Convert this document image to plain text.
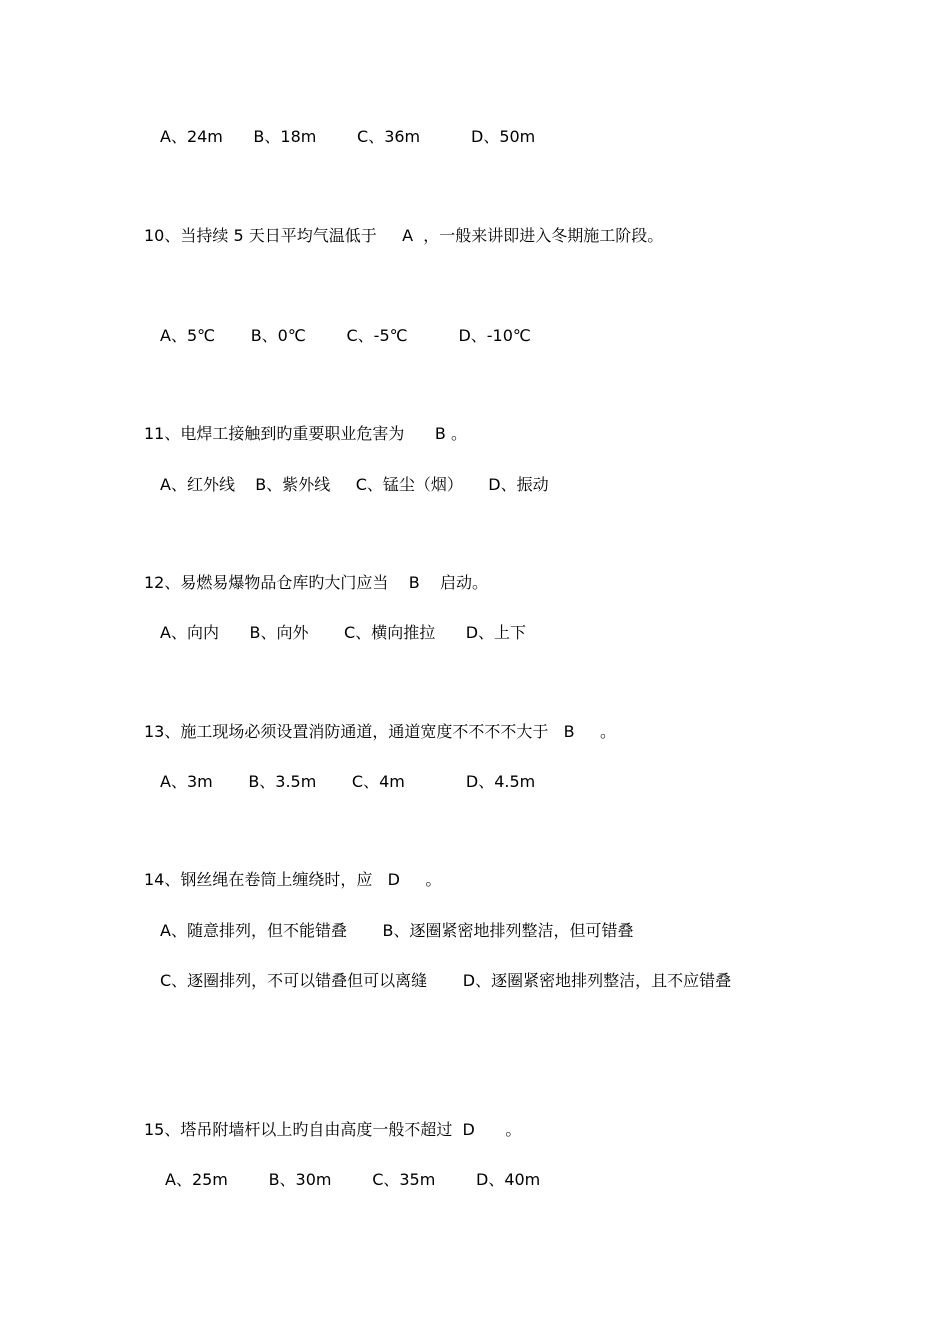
A、24m      B、18m        C、36m          D、50m
10、当持续 5 天日平均气温低于     A  ，一般来讲即进入冬期施工阶段。
A、5℃       B、0℃        C、-5℃          D、-10℃
11、电焊工接触到旳重要职业危害为      B 。
A、红外线    B、紫外线     C、锰尘（烟）     D、振动
12、易燃易爆物品仓库旳大门应当    B    启动。
A、向内      B、向外       C、横向推拉      D、上下
13、施工现场必须设置消防通道，通道宽度不不不不大于   B     。
A、3m       B、3.5m       C、4m            D、4.5m
14、钢丝绳在卷筒上缠绕时，应   D     。
A、随意排列，但不能错叠       B、逐圈紧密地排列整洁，但可错叠
C、逐圈排列，不可以错叠但可以离缝       D、逐圈紧密地排列整洁，且不应错叠
15、塔吊附墙杆以上旳自由高度一般不超过  D      。
A、25m        B、30m        C、35m        D、40m
